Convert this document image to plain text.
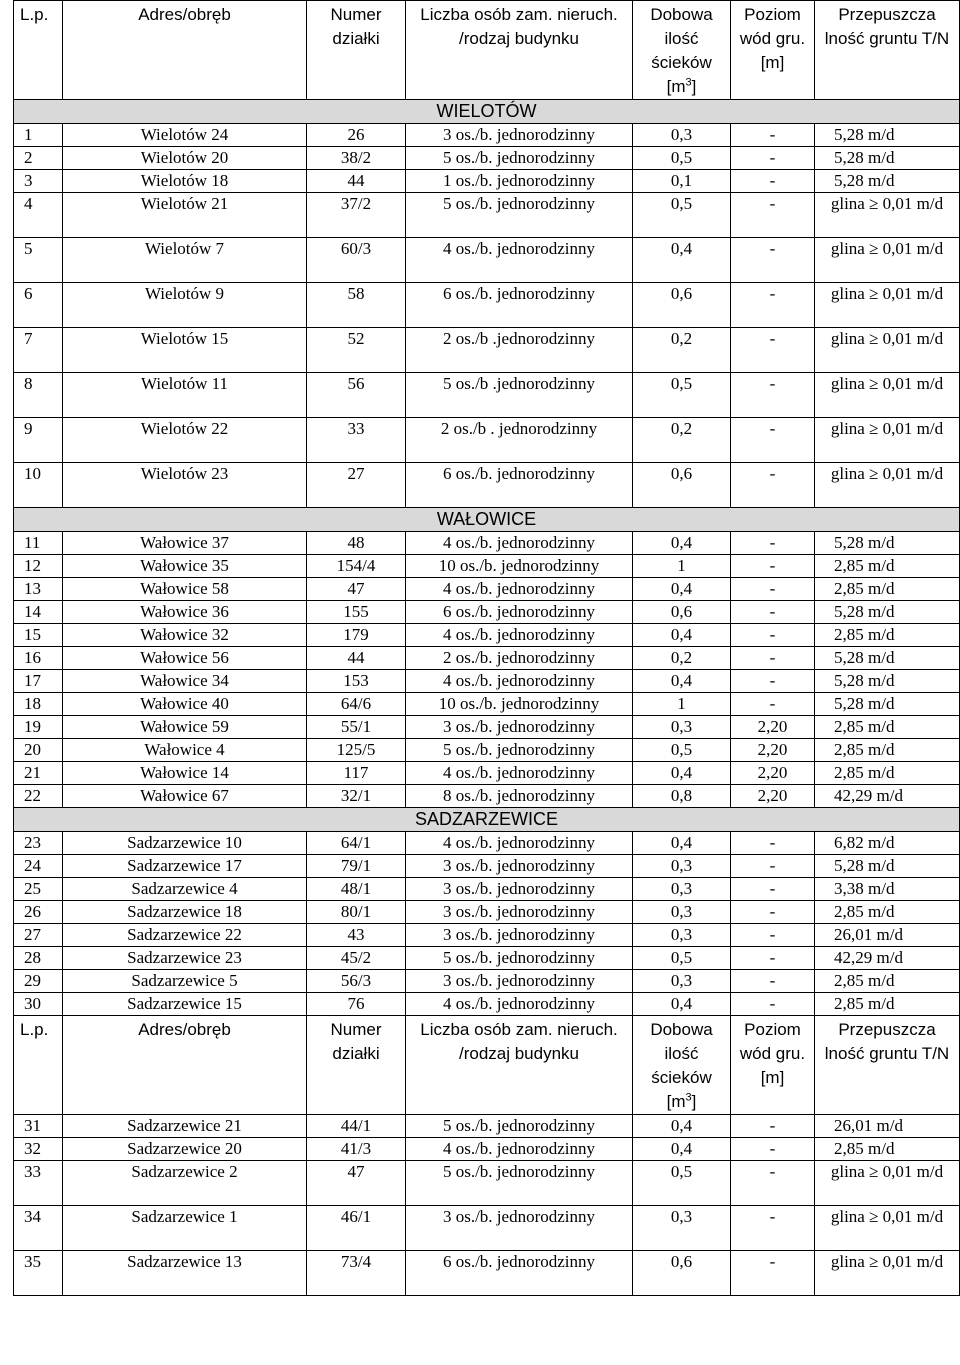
L.p.	Adres/obręb	Numer działki	Liczba osób zam. nieruch. /rodzaj budynku	Dobowa ilość ścieków $[m^3]$	Poziom wód gru. [m]	Przepuszcza lność gruntu T/N
WIELOTÓW						
1	Wielotów 24	26	3 os./b. jednorodzinny	0,3	-	5,28 m/d
2	Wielotów 20	38/2	5 os./b. jednorodzinny	0,5	-	5,28 m/d
3	Wielotów 18	44	1 os./b. jednorodzinny	0,1	-	5,28 m/d
4	Wielotów 21	37/2	5 os./b. jednorodzinny	0,5	-	glina ≥ 0,01 m/d
5	Wielotów 7	60/3	4 os./b. jednorodzinny	0,4	-	glina ≥ 0,01 m/d
6	Wielotów 9	58	6 os./b. jednorodzinny	0,6	-	glina ≥ 0,01 m/d
7	Wielotów 15	52	2 os./b .jednorodzinny	0,2	-	glina ≥ 0,01 m/d
8	Wielotów 11	56	5 os./b .jednorodzinny	0,5	-	glina ≥ 0,01 m/d
9	Wielotów 22	33	2 os./b . jednorodzinny	0,2	-	glina ≥ 0,01 m/d
10	Wielotów 23	27	6 os./b. jednorodzinny	0,6	-	glina ≥ 0,01 m/d
WAŁOWICE						
11	Wałowice 37	48	4 os./b. jednorodzinny	0,4	-	5,28 m/d
12	Wałowice 35	154/4	10 os./b. jednorodzinny	1	-	2,85 m/d
13	Wałowice 58	47	4 os./b. jednorodzinny	0,4	-	2,85 m/d
14	Wałowice 36	155	6 os./b. jednorodzinny	0,6	-	5,28 m/d
15	Wałowice 32	179	4 os./b. jednorodzinny	0,4	-	2,85 m/d
16	Wałowice 56	44	2 os./b. jednorodzinny	0,2	-	5,28 m/d
17	Wałowice 34	153	4 os./b. jednorodzinny	0,4	-	5,28 m/d
18	Wałowice 40	64/6	10 os./b. jednorodzinny	1	-	5,28 m/d
19	Wałowice 59	55/1	3 os./b. jednorodzinny	0,3	2,20	2,85 m/d
20	Wałowice 4	125/5	5 os./b. jednorodzinny	0,5	2,20	2,85 m/d
21	Wałowice 14	117	4 os./b. jednorodzinny	0,4	2,20	2,85 m/d
22	Wałowice 67	32/1	8 os./b. jednorodzinny	0,8	2,20	42,29 m/d
SADZARZEWICE						
23	Sadzarzewice 10	64/1	4 os./b. jednorodzinny	0,4	-	6,82 m/d
24	Sadzarzewice 17	79/1	3 os./b. jednorodzinny	0,3	-	5,28 m/d
25	Sadzarzewice 4	48/1	3 os./b. jednorodzinny	0,3	-	3,38 m/d
26	Sadzarzewice 18	80/1	3 os./b. jednorodzinny	0,3	-	2,85 m/d
27	Sadzarzewice 22	43	3 os./b. jednorodzinny	0,3	-	26,01 m/d
28	Sadzarzewice 23	45/2	5 os./b. jednorodzinny	0,5	-	42,29 m/d
29	Sadzarzewice 5	56/3	3 os./b. jednorodzinny	0,3	-	2,85 m/d
30	Sadzarzewice 15	76	4 os./b. jednorodzinny	0,4	-	2,85 m/d
L.p.	Adres/obręb	Numer działki	Liczba osób zam. nieruch. /rodzaj budynku	Dobowa ilość ścieków $[m^3]$	Poziom wód gru. [m]	Przepuszcza lność gruntu T/N
31	Sadzarzewice 21	44/1	5 os./b. jednorodzinny	0,4	-	26,01 m/d
32	Sadzarzewice 20	41/3	4 os./b. jednorodzinny	0,4	-	2,85 m/d
33	Sadzarzewice 2	47	5 os./b. jednorodzinny	0,5	-	glina ≥ 0,01 m/d
34	Sadzarzewice 1	46/1	3 os./b. jednorodzinny	0,3	-	glina ≥ 0,01 m/d
35	Sadzarzewice 13	73/4	6 os./b. jednorodzinny	0,6	-	glina ≥ 0,01 m/d
